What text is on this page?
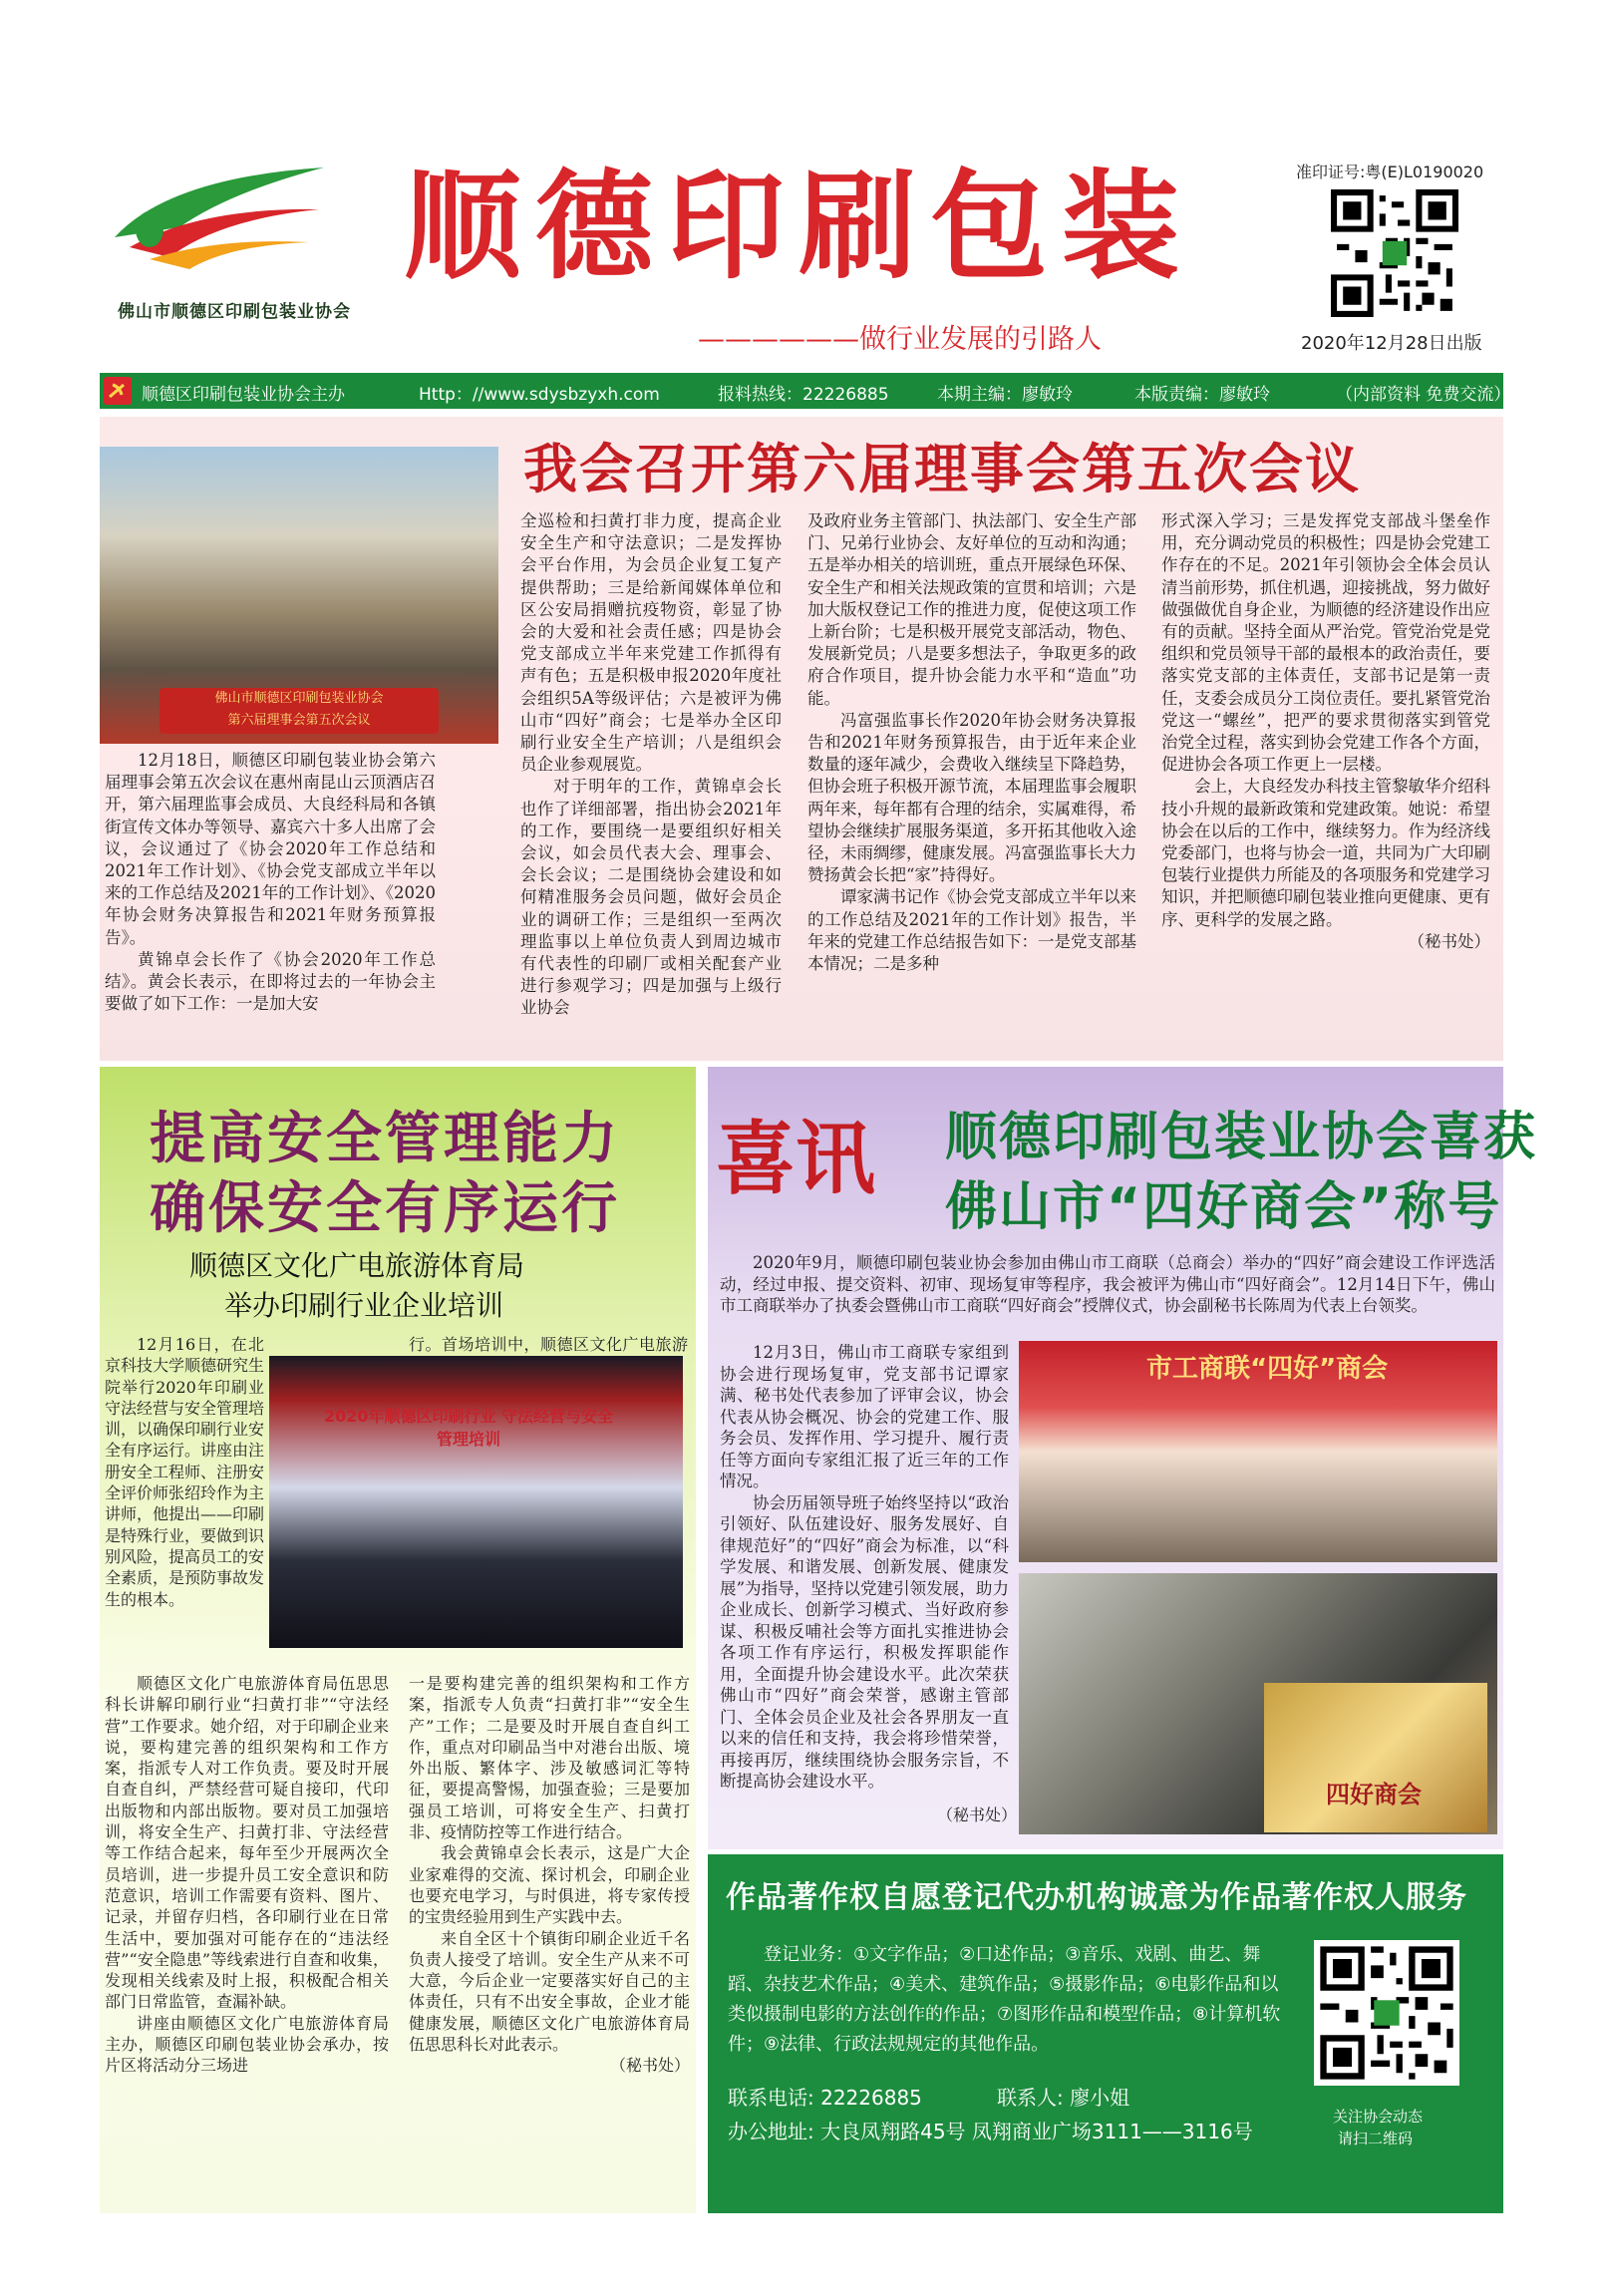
佛山市顺德区印刷包装业协会
顺德印刷包装
——————做行业发展的引路人
准印证号:粤(E)L0190020
2020年12月28日出版
顺德区印刷包装业协会主办	Http：//www.sdysbzyxh.com	报料热线：22226885	本期主编：廖敏玲	本版责编：廖敏玲	（内部资料 免费交流）
佛山市顺德区印刷包装业协会
第六届理事会第五次会议
我会召开第六届理事会第五次会议

12月18日，顺德区印刷包装业协会第六届理事会第五次会议在惠州南昆山云顶酒店召开，第六届理监事会成员、大良经科局和各镇街宣传文体办等领导、嘉宾六十多人出席了会议，会议通过了《协会2020年工作总结和2021年工作计划》、《协会党支部成立半年以来的工作总结及2021年的工作计划》、《2020年协会财务决算报告和2021年财务预算报告》。

黄锦卓会长作了《协会2020年工作总结》。黄会长表示，在即将过去的一年协会主要做了如下工作：一是加大安

全巡检和扫黄打非力度，提高企业安全生产和守法意识；二是发挥协会平台作用，为会员企业复工复产提供帮助；三是给新闻媒体单位和区公安局捐赠抗疫物资，彰显了协会的大爱和社会责任感；四是协会党支部成立半年来党建工作抓得有声有色；五是积极申报2020年度社会组织5A等级评估；六是被评为佛山市“四好”商会；七是举办全区印刷行业安全生产培训；八是组织会员企业参观展览。

对于明年的工作，黄锦卓会长也作了详细部署，指出协会2021年的工作，要围绕一是要组织好相关会议，如会员代表大会、理事会、会长会议；二是围绕协会建设和如何精准服务会员问题，做好会员企业的调研工作；三是组织一至两次理监事以上单位负责人到周边城市有代表性的印刷厂或相关配套产业进行参观学习；四是加强与上级行业协会

及政府业务主管部门、执法部门、安全生产部门、兄弟行业协会、友好单位的互动和沟通；五是举办相关的培训班，重点开展绿色环保、安全生产和相关法规政策的宣贯和培训；六是加大版权登记工作的推进力度，促使这项工作上新台阶；七是积极开展党支部活动，物色、发展新党员；八是要多想法子，争取更多的政府合作项目，提升协会能力水平和“造血”功能。

冯富强监事长作2020年协会财务决算报告和2021年财务预算报告，由于近年来企业数量的逐年减少，会费收入继续呈下降趋势，但协会班子积极开源节流，本届理监事会履职两年来，每年都有合理的结余，实属难得，希望协会继续扩展服务渠道，多开拓其他收入途径，未雨绸缪，健康发展。冯富强监事长大力赞扬黄会长把“家”持得好。

谭家满书记作《协会党支部成立半年以来的工作总结及2021年的工作计划》报告，半年来的党建工作总结报告如下：一是党支部基本情况；二是多种

形式深入学习；三是发挥党支部战斗堡垒作用，充分调动党员的积极性；四是协会党建工作存在的不足。2021年引领协会全体会员认清当前形势，抓住机遇，迎接挑战，努力做好做强做优自身企业，为顺德的经济建设作出应有的贡献。坚持全面从严治党。管党治党是党组织和党员领导干部的最根本的政治责任，要落实党支部的主体责任，支部书记是第一责任，支委会成员分工岗位责任。要扎紧管党治党这一“螺丝”，把严的要求贯彻落实到管党治党全过程，落实到协会党建工作各个方面，促进协会各项工作更上一层楼。

会上，大良经发办科技主管黎敏华介绍科技小升规的最新政策和党建政策。她说：希望协会在以后的工作中，继续努力。作为经济线党委部门，也将与协会一道，共同为广大印刷包装行业提供力所能及的各项服务和党建学习知识，并把顺德印刷包装业推向更健康、更有序、更科学的发展之路。

（秘书处）

提高安全管理能力
确保安全有序运行
顺德区文化广电旅游体育局
举办印刷行业企业培训

12月16日，在北京科技大学顺德研究生院举行2020年印刷业守法经营与安全管理培训，以确保印刷行业安全有序运行。讲座由注册安全工程师、注册安全评价师张绍玲作为主讲师，他提出——印刷是特殊行业，要做到识别风险，提高员工的安全素质，是预防事故发生的根本。

行。首场培训中，顺德区文化广电旅游

2020年顺德区印刷行业 守法经营与安全管理培训

顺德区文化广电旅游体育局伍思思科长讲解印刷行业“扫黄打非”“守法经营”工作要求。她介绍，对于印刷企业来说，要构建完善的组织架构和工作方案，指派专人对工作负责。要及时开展自查自纠，严禁经营可疑自接印，代印出版物和内部出版物。要对员工加强培训，将安全生产、扫黄打非、守法经营等工作结合起来，每年至少开展两次全员培训，进一步提升员工安全意识和防范意识，培训工作需要有资料、图片、记录，并留存归档，各印刷行业在日常生活中，要加强对可能存在的“违法经营”“安全隐患”等线索进行自查和收集，发现相关线索及时上报，积极配合相关部门日常监管，查漏补缺。

讲座由顺德区文化广电旅游体育局主办，顺德区印刷包装业协会承办，按片区将活动分三场进

一是要构建完善的组织架构和工作方案，指派专人负责“扫黄打非”“安全生产”工作；二是要及时开展自查自纠工作，重点对印刷品当中对港台出版、境外出版、繁体字、涉及敏感词汇等特征，要提高警惕，加强查验；三是要加强员工培训，可将安全生产、扫黄打非、疫情防控等工作进行结合。

我会黄锦卓会长表示，这是广大企业家难得的交流、探讨机会，印刷企业也要充电学习，与时俱进，将专家传授的宝贵经验用到生产实践中去。

来自全区十个镇街印刷企业近千名负责人接受了培训。安全生产从来不可大意，今后企业一定要落实好自己的主体责任，只有不出安全事故，企业才能健康发展，顺德区文化广电旅游体育局伍思思科长对此表示。

（秘书处）

喜讯 顺德印刷包装业协会喜获
佛山市“四好商会”称号

2020年9月，顺德印刷包装业协会参加由佛山市工商联（总商会）举办的“四好”商会建设工作评选活动，经过申报、提交资料、初审、现场复审等程序，我会被评为佛山市“四好商会”。12月14日下午，佛山市工商联举办了执委会暨佛山市工商联“四好商会”授牌仪式，协会副秘书长陈周为代表上台领奖。

市工商联“四好”商会
四好商会

12月3日，佛山市工商联专家组到协会进行现场复审，党支部书记谭家满、秘书处代表参加了评审会议，协会代表从协会概况、协会的党建工作、服务会员、发挥作用、学习提升、履行责任等方面向专家组汇报了近三年的工作情况。

协会历届领导班子始终坚持以“政治引领好、队伍建设好、服务发展好、自律规范好”的“四好”商会为标准，以“科学发展、和谐发展、创新发展、健康发展”为指导，坚持以党建引领发展，助力企业成长、创新学习模式、当好政府参谋、积极反哺社会等方面扎实推进协会各项工作有序运行，积极发挥职能作用，全面提升协会建设水平。此次荣获佛山市“四好”商会荣誉，感谢主管部门、全体会员企业及社会各界朋友一直以来的信任和支持，我会将珍惜荣誉，再接再厉，继续围绕协会服务宗旨，不断提高协会建设水平。

（秘书处）
作品著作权自愿登记代办机构诚意为作品著作权人服务

登记业务：①文字作品；②口述作品；③音乐、戏剧、曲艺、舞蹈、杂技艺术作品；④美术、建筑作品；⑤摄影作品；⑥电影作品和以类似摄制电影的方法创作的作品；⑦图形作品和模型作品；⑧计算机软件；⑨法律、行政法规规定的其他作品。

联系电话: 22226885	联系人: 廖小姐
办公地址: 大良凤翔路45号 凤翔商业广场3111——3116号
关注协会动态
请扫二维码
